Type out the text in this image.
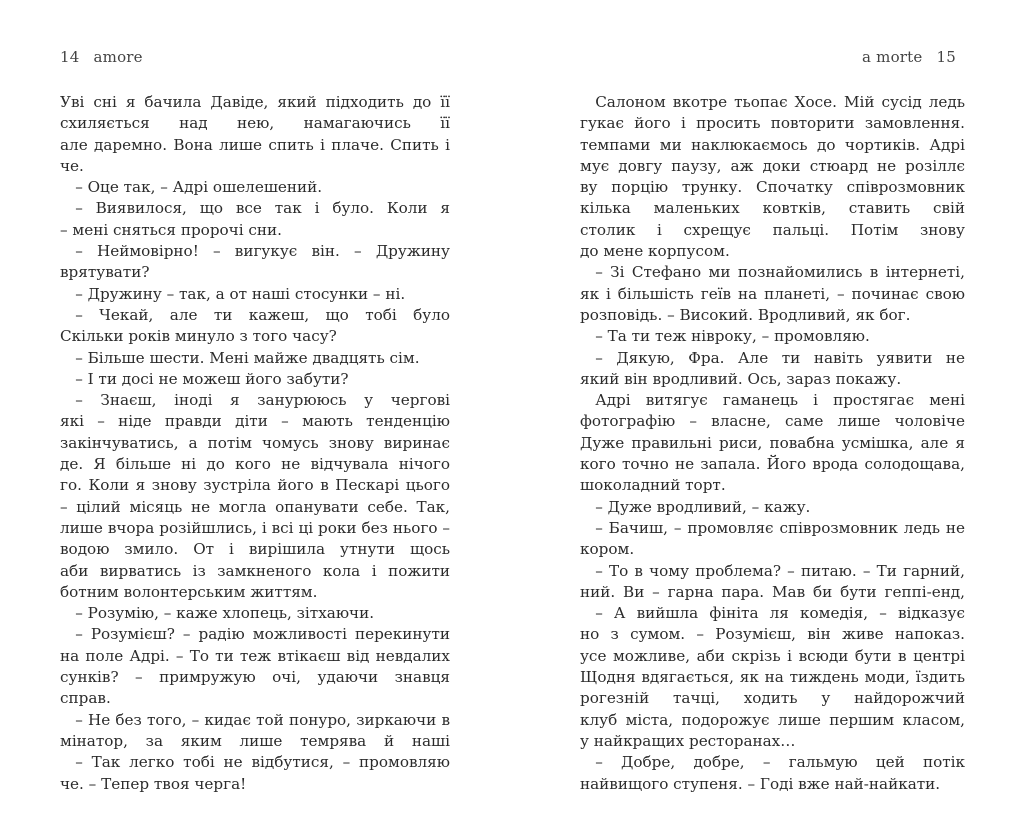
14 amore
Уві сні я бачила Давіде, який підходить до її
схиляється над нею, намагаючись її
але даремно. Вона лише спить і плаче. Спить і
че.
 – Оце так, – Адрі ошелешений.
 – Виявилося, що все так і було. Коли я
– мені сняться пророчі сни.
 – Неймовірно! – вигукує він. – Дружину
врятувати?
 – Дружину – так, а от наші стосунки – ні.
 – Чекай, але ти кажеш, що тобі було
Скільки років минуло з того часу?
 – Більше шести. Мені майже двадцять сім.
 – І ти досі не можеш його забути?
 – Знаєш, іноді я занурююсь у чергові
які – ніде правди діти – мають тенденцію
закінчуватись, а потім чомусь знову виринає
де. Я більше ні до кого не відчувала нічого
го. Коли я знову зустріла його в Пескарі цього
– цілий місяць не могла опанувати себе. Так,
лише вчора розійшлись, і всі ці роки без нього –
водою змило. От і вирішила утнути щось
аби вирватись із замкненого кола і пожити
ботним волонтерським життям.
 – Розумію, – каже хлопець, зітхаючи.
 – Розумієш? – радію можливості перекинути
на поле Адрі. – То ти теж втікаєш від невдалих
сунків? – примружую очі, удаючи знавця
справ.
 – Не без того, – кидає той понуро, зиркаючи в
мінатор, за яким лише темрява й наші
 – Так легко тобі не відбутися, – промовляю
че. – Тепер твоя черга!
a morte 15
 Салоном вкотре тьопає Хосе. Мій сусід ледь
гукає його і просить повторити замовлення.
темпами ми наклюкаємось до чортиків. Адрі
мує довгу паузу, аж доки стюард не розіллє
ву порцію трунку. Спочатку співрозмовник
кілька маленьких ковтків, ставить свій
столик і схрещує пальці. Потім знову
до мене корпусом.
 – Зі Стефано ми познайомились в інтернеті,
як і більшість геїв на планеті, – починає свою
розповідь. – Високий. Вродливий, як бог.
 – Та ти теж нівроку, – промовляю.
 – Дякую, Фра. Але ти навіть уявити не
який він вродливий. Ось, зараз покажу.
 Адрі витягує гаманець і простягає мені
фотографію – власне, саме лише чоловіче
Дуже правильні риси, повабна усмішка, але я
кого точно не запала. Його врода солодощава,
шоколадний торт.
 – Дуже вродливий, – кажу.
 – Бачиш, – промовляє співрозмовник ледь не
кором.
 – То в чому проблема? – питаю. – Ти гарний,
ний. Ви – гарна пара. Мав би бути геппі-енд,
 – А вийшла фініта ля комедія, – відказує
но з сумом. – Розумієш, він живе напоказ.
усе можливе, аби скрізь і всюди бути в центрі
Щодня вдягається, як на тиждень моди, їздить
рогезній тачці, ходить у найдорожчий
клуб міста, подорожує лише першим класом,
у найкращих ресторанах…
 – Добре, добре, – гальмую цей потік
найвищого ступеня. – Годі вже най-найкати.
